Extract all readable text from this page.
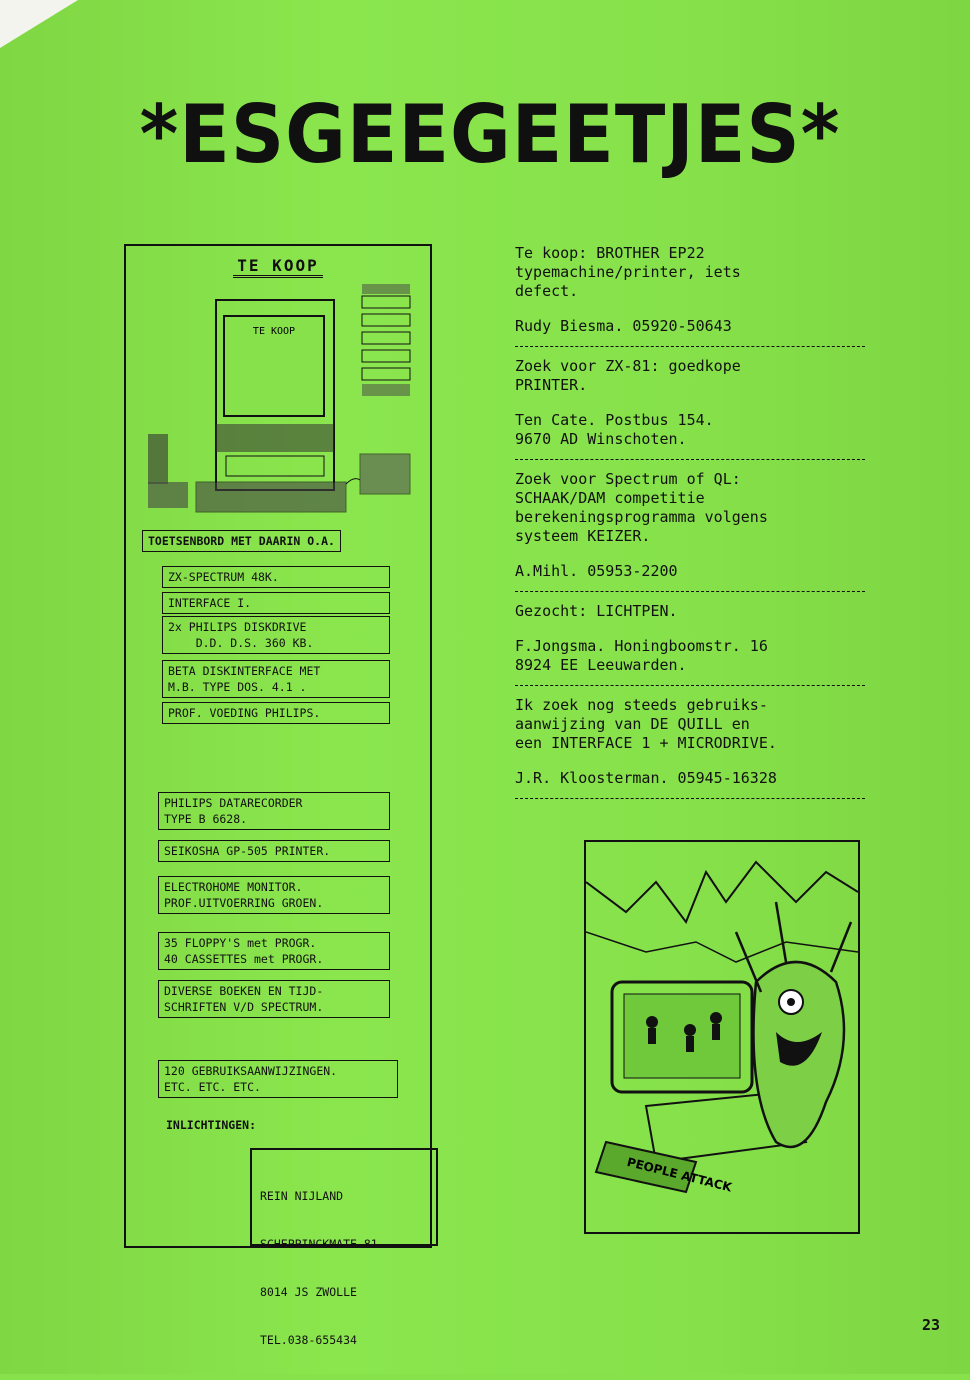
*ESGEEGEETJES*
TE KOOP
TE KOOP
TOETSENBORD MET DAARIN O.A.
ZX-SPECTRUM 48K.
INTERFACE I.
2x PHILIPS DISKDRIVE
D.D. D.S. 360 KB.
BETA DISKINTERFACE MET
M.B. TYPE DOS. 4.1 .
PROF. VOEDING PHILIPS.
PHILIPS DATARECORDER
TYPE B 6628.
SEIKOSHA GP-505 PRINTER.
ELECTROHOME MONITOR.
PROF.UITVOERRING GROEN.
35 FLOPPY'S met PROGR.
40 CASSETTES met PROGR.
DIVERSE BOEKEN EN TIJD-
SCHRIFTEN V/D SPECTRUM.
120 GEBRUIKSAANWIJZINGEN.
ETC. ETC. ETC.
INLICHTINGEN:

REIN NIJLAND

SCHEPPINCKMATE 81

8014 JS ZWOLLE

TEL.038-655434

Te koop: BROTHER EP22
typemachine/printer, iets
defect.
Rudy Biesma. 05920-50643
Zoek voor ZX-81: goedkope
PRINTER.
Ten Cate. Postbus 154.
9670 AD Winschoten.
Zoek voor Spectrum of QL:
SCHAAK/DAM competitie
berekeningsprogramma volgens
systeem KEIZER.
A.Mihl. 05953-2200
Gezocht: LICHTPEN.
F.Jongsma. Honingboomstr. 16
8924 EE Leeuwarden.
Ik zoek nog steeds gebruiks-
aanwijzing van DE QUILL en
een INTERFACE 1 + MICRODRIVE.
J.R. Kloosterman. 05945-16328
PEOPLE ATTACK
23
